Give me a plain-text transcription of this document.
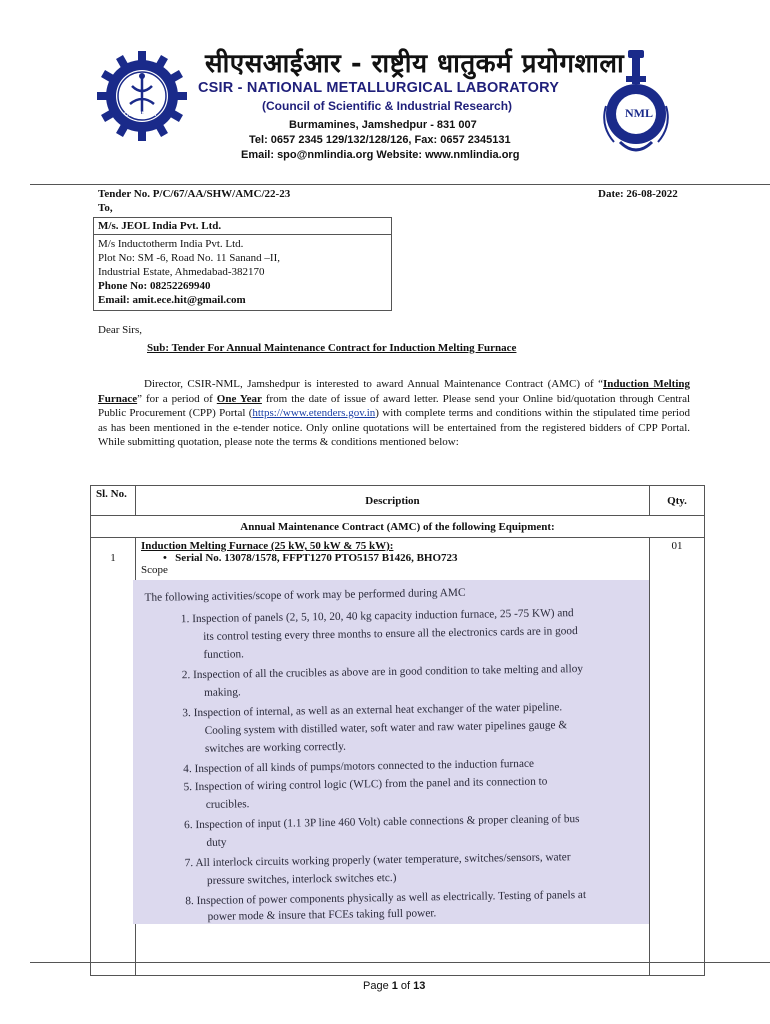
CSIR INDIA	NML
सीएसआईआर - राष्ट्रीय धातुकर्म प्रयोगशाला
CSIR - NATIONAL METALLURGICAL LABORATORY
(Council of Scientific & Industrial Research)
Burmamines, Jamshedpur - 831 007
Tel: 0657 2345 129/132/128/126, Fax: 0657 2345131
Email: spo@nmlindia.org Website: www.nmlindia.org
Tender No. P/C/67/AA/SHW/AMC/22-23	Date: 26-08-2022
To,
M/s. JEOL India Pvt. Ltd.
M/s Inductotherm India Pvt. Ltd.
Plot No: SM -6, Road No. 11 Sanand –II,
Industrial Estate, Ahmedabad-382170
Phone No: 08252269940
Email: amit.ece.hit@gmail.com
Dear Sirs,
Sub: Tender For Annual Maintenance Contract for Induction Melting Furnace
Director, CSIR-NML, Jamshedpur is interested to award Annual Maintenance Contract (AMC) of “Induction Melting Furnace” for a period of One Year from the date of issue of award letter. Please send your Online bid/quotation through Central Public Procurement (CPP) Portal (https://www.etenders.gov.in) with complete terms and conditions within the stipulated time period as has been mentioned in the e-tender notice. Only online quotations will be entertained from the registered bidders of CPP Portal. While submitting quotation, please note the terms & conditions mentioned below:
Sl. No.	Description	Qty.
Annual Maintenance Contract (AMC) of the following Equipment:		
1	Induction Melting Furnace (25 kW, 50 kW & 75 kW):
•   Serial No. 13078/1578, FFPT1270 PTO5157 B1426, BHO723
Scope	01
The following activities/scope of work may be performed during AMC
1. Inspection of panels (2, 5, 10, 20, 40 kg capacity induction furnace, 25 -75 KW) and
its control testing every three months to ensure all the electronics cards are in good
function.
2. Inspection of all the crucibles as above are in good condition to take melting and alloy
making.
3. Inspection of internal, as well as an external heat exchanger of the water pipeline.
Cooling system with distilled water, soft water and raw water pipelines gauge &
switches are working correctly.
4. Inspection of all kinds of pumps/motors connected to the induction furnace
5. Inspection of wiring control logic (WLC) from the panel and its connection to
crucibles.
6. Inspection of input (1.1 3P line 460 Volt) cable connections & proper cleaning of bus
duty
7. All interlock circuits working properly (water temperature, switches/sensors, water
pressure switches, interlock switches etc.)
8. Inspection of power components physically as well as electrically. Testing of panels at
power mode & insure that FCEs taking full power.
Page 1 of 13
